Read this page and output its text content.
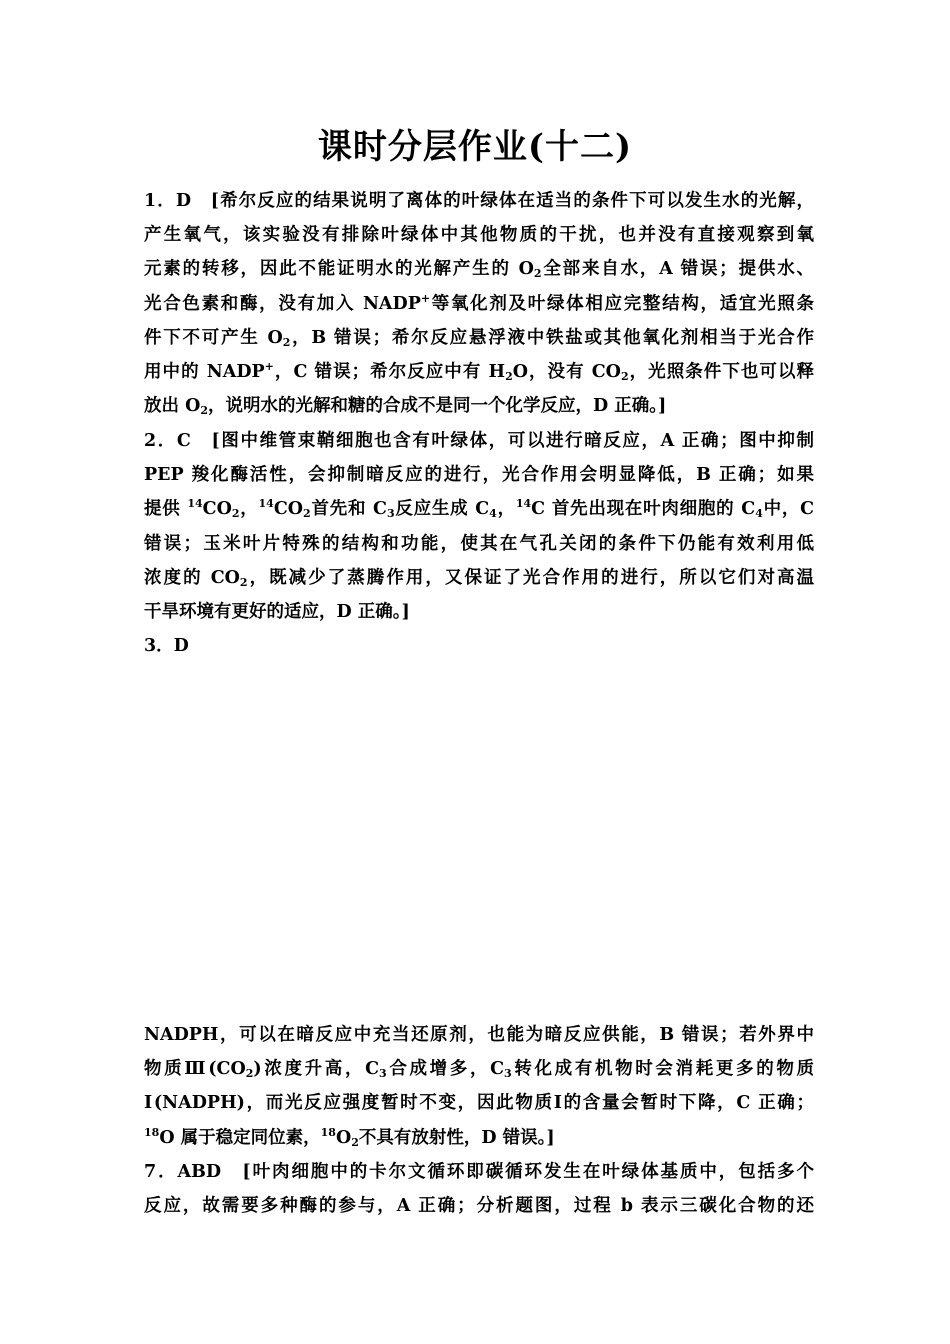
课时分层作业(十二)
1．D　[希尔反应的结果说明了离体的叶绿体在适当的条件下可以发生水的光解，
产生氧气，该实验没有排除叶绿体中其他物质的干扰，也并没有直接观察到氧
元素的转移，因此不能证明水的光解产生的 $O_2$全部来自水，A 错误；提供水、
光合色素和酶，没有加入 NADP+等氧化剂及叶绿体相应完整结构，适宜光照条
件下不可产生 $O_2$，B 错误；希尔反应悬浮液中铁盐或其他氧化剂相当于光合作
用中的 NADP+，C 错误；希尔反应中有 $H_2O$，没有 $CO_2$，光照条件下也可以释
放出 $O_2$，说明水的光解和糖的合成不是同一个化学反应，D 正确。]
2．C　[图中维管束鞘细胞也含有叶绿体，可以进行暗反应，A 正确；图中抑制
PEP 羧化酶活性，会抑制暗反应的进行，光合作用会明显降低，B 正确；如果
提供 $^{14}CO_2$，$^{14}CO_2$首先和 $C_3$反应生成 $C_4$，$^{14}$C 首先出现在叶肉细胞的 $C_4$中，C
错误；玉米叶片特殊的结构和功能，使其在气孔关闭的条件下仍能有效利用低
浓度的 $CO_2$，既减少了蒸腾作用，又保证了光合作用的进行，所以它们对高温
干旱环境有更好的适应，D 正确。]
3．D
NADPH，可以在暗反应中充当还原剂，也能为暗反应供能，B 错误；若外界中
物质$Ⅲ(CO_2)$浓度升高，$C_3$合成增多，$C_3$转化成有机物时会消耗更多的物质
Ⅰ(NADPH)，而光反应强度暂时不变，因此物质Ⅰ的含量会暂时下降，C 正确；
$^{18}$O 属于稳定同位素，$^{18}O_2$不具有放射性，D 错误。]
7．ABD　[叶肉细胞中的卡尔文循环即碳循环发生在叶绿体基质中，包括多个
反应，故需要多种酶的参与，A 正确；分析题图，过程 b 表示三碳化合物的还
